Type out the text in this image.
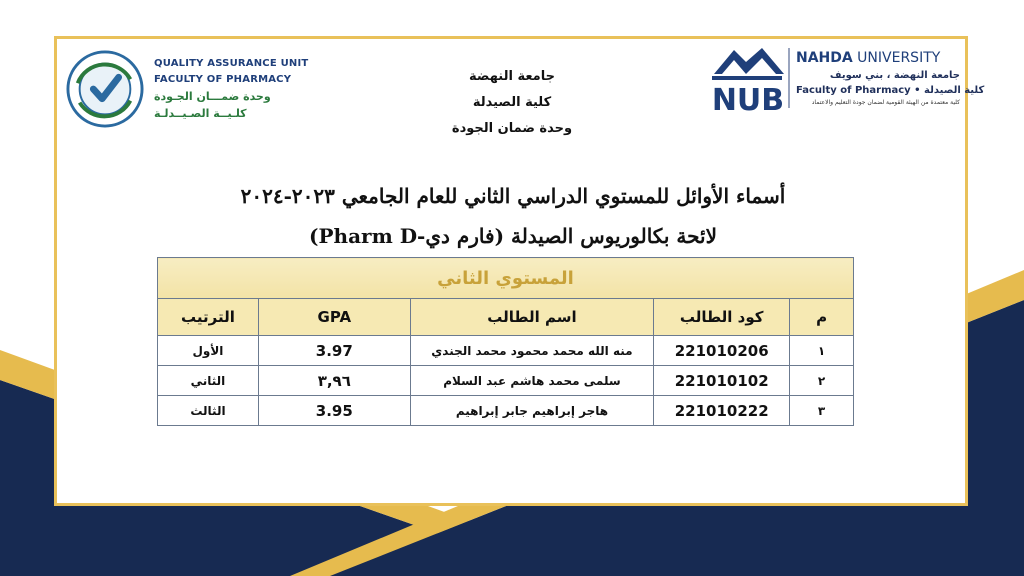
QUALITY ASSURANCE UNIT
FACULTY OF PHARMACY
وحدة ضمـــان الجـودة
كلـيــة الصـيــدلـة
جامعة النهضة
كلية الصيدلة
وحدة ضمان الجودة
NUB
NAHDA UNIVERSITY
جامعة النهضة ، بني سويف
Faculty of Pharmacy • كلية الصيدلة
كلية معتمدة من الهيئة القومية لضمان جودة التعليم والاعتماد
أسماء الأوائل للمستوي الدراسي الثاني للعام الجامعي ٢٠٢٣-٢٠٢٤
لائحة بكالوريوس الصيدلة (فارم دي-Pharm D)
المستوي الثاني				
م	كود الطالب	اسم الطالب	GPA	الترتيب
١	221010206	منه الله محمد محمود محمد الجندي	3.97	الأول
٢	221010102	سلمى محمد هاشم عبد السلام	٣,٩٦	الثاني
٣	221010222	هاجر إبراهيم جابر إبراهيم	3.95	الثالث
